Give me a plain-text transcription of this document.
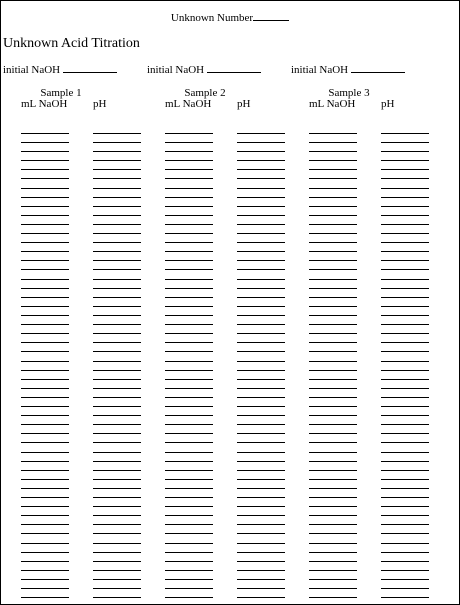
Unknown Number
Unknown Acid Titration
initial NaOH	initial NaOH	initial NaOH
Sample 1	Sample 2	Sample 3
mL NaOH pH	mL NaOH pH	mL NaOH pH
